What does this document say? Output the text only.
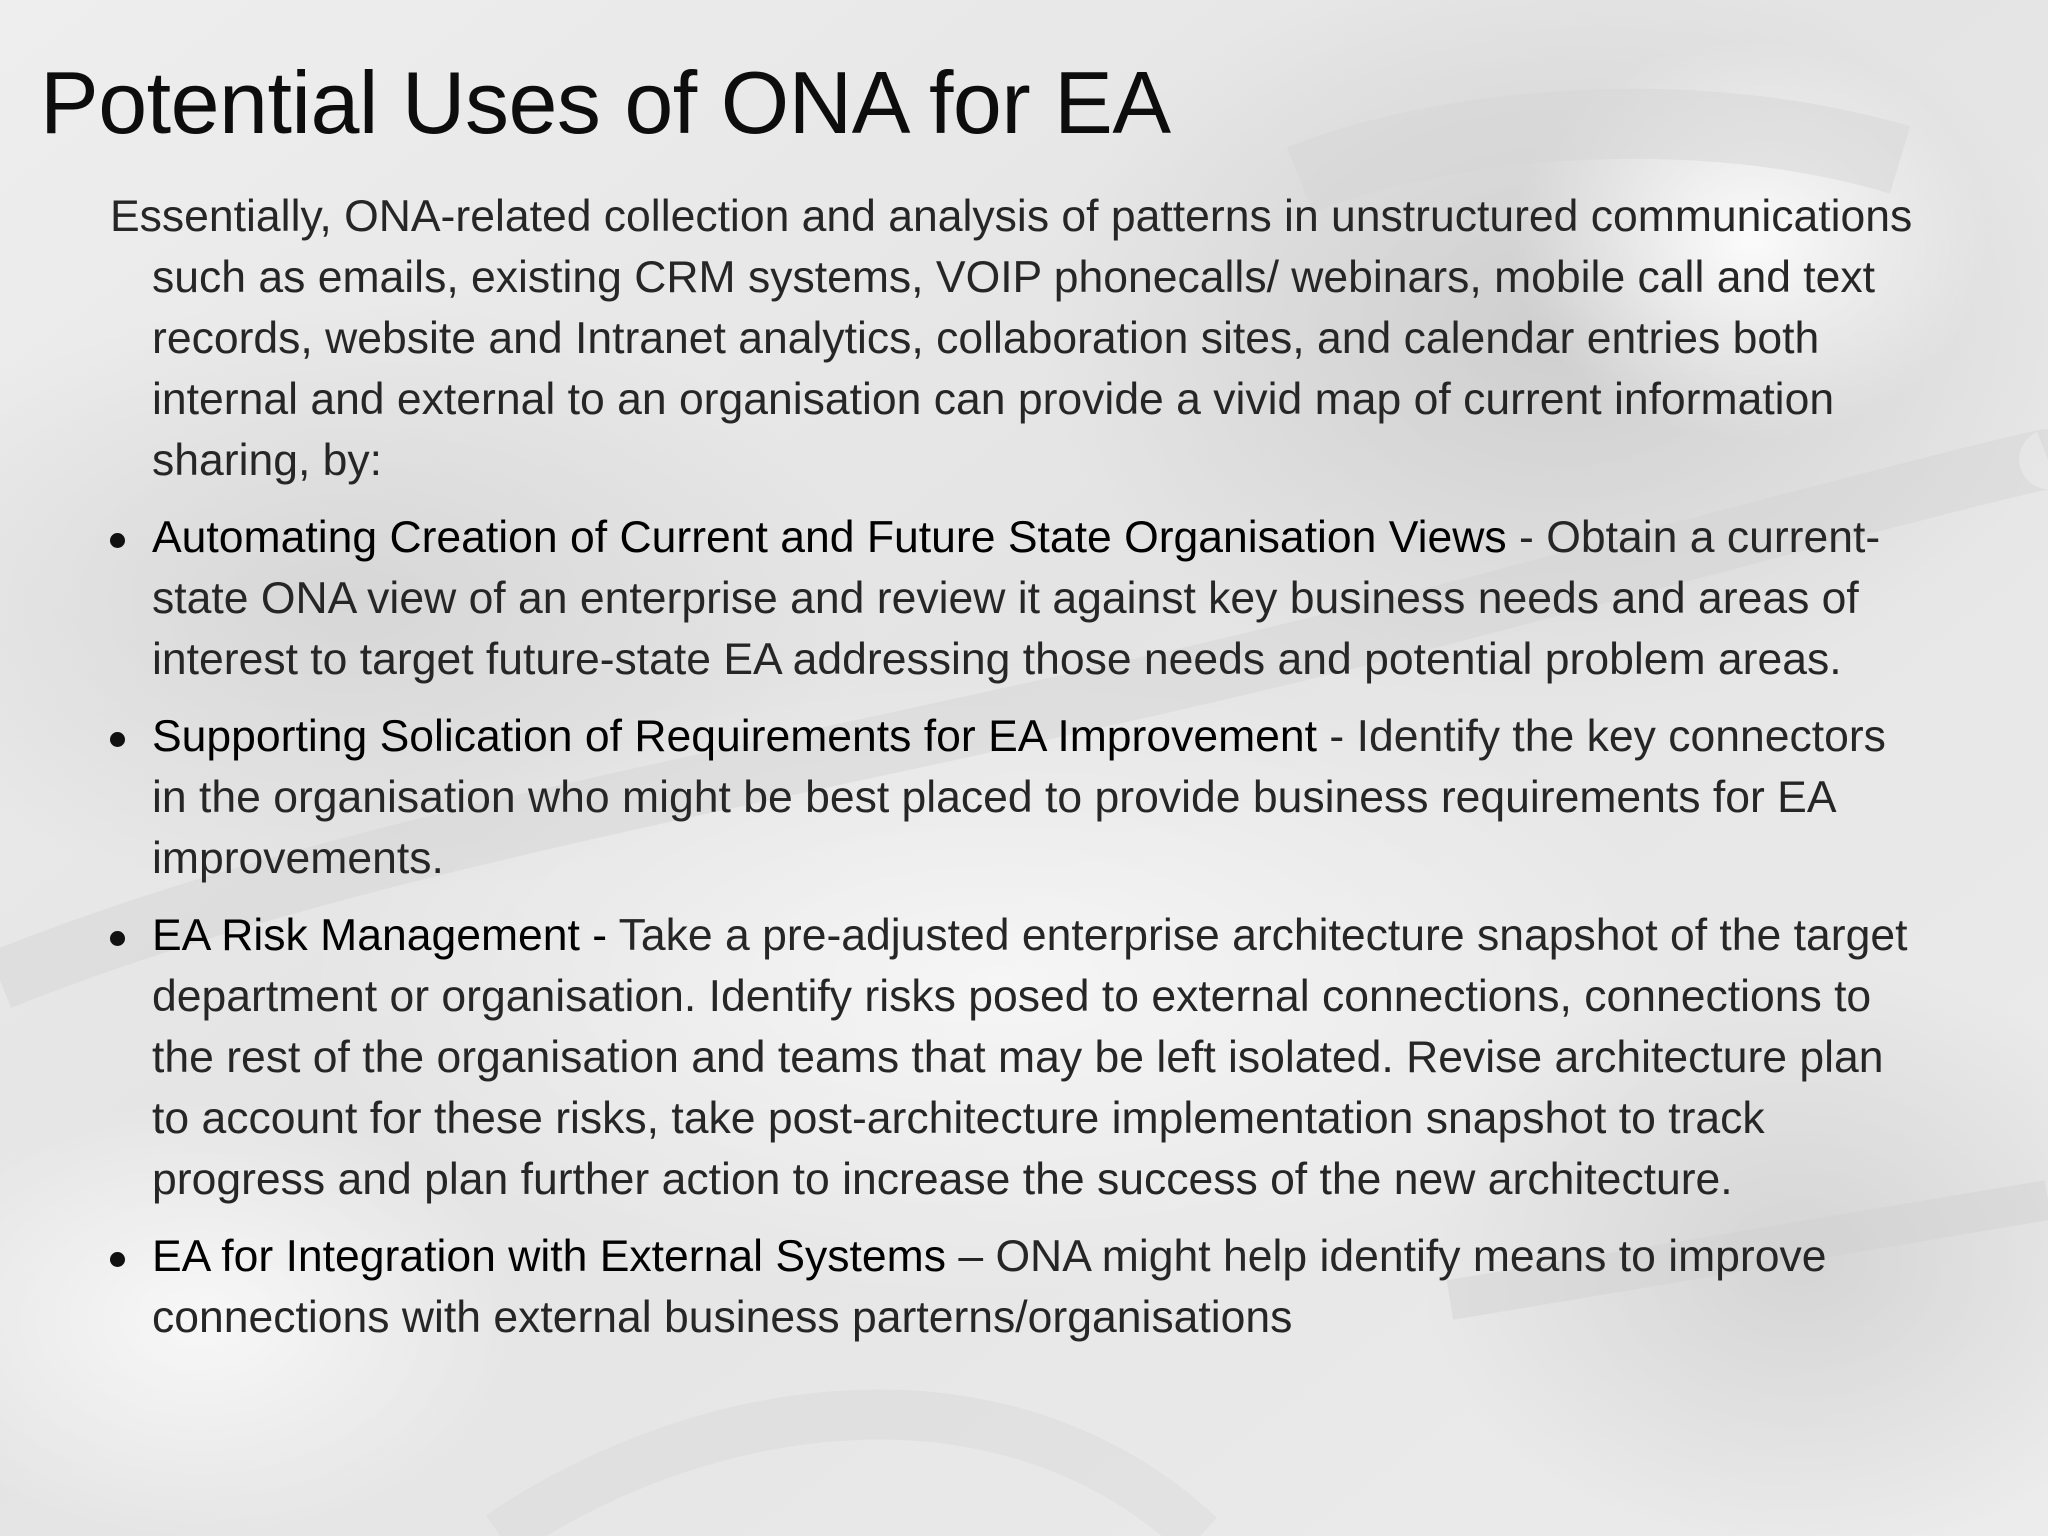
Potential Uses of ONA for EA

Essentially, ONA-related collection and analysis of patterns in unstructured communications such as emails, existing CRM systems, VOIP phonecalls/ webinars, mobile call and text records, website and Intranet analytics, collaboration sites, and calendar entries both internal and external to an organisation can provide a vivid map of current information sharing, by:

Automating Creation of Current and Future State Organisation Views - Obtain a current-state ONA view of an enterprise and review it against key business needs and areas of interest to target future-state EA addressing those needs and potential problem areas.
Supporting Solication of Requirements for EA Improvement - Identify the key connectors in the organisation who might be best placed to provide business requirements for EA improvements.
EA Risk Management - Take a pre-adjusted enterprise architecture snapshot of the target department or organisation. Identify risks posed to external connections, connections to the rest of the organisation and teams that may be left isolated. Revise architecture plan to account for these risks, take post-architecture implementation snapshot to track progress and plan further action to increase the success of the new architecture.
EA for Integration with External Systems – ONA might help identify means to improve connections with external business parterns/organisations
